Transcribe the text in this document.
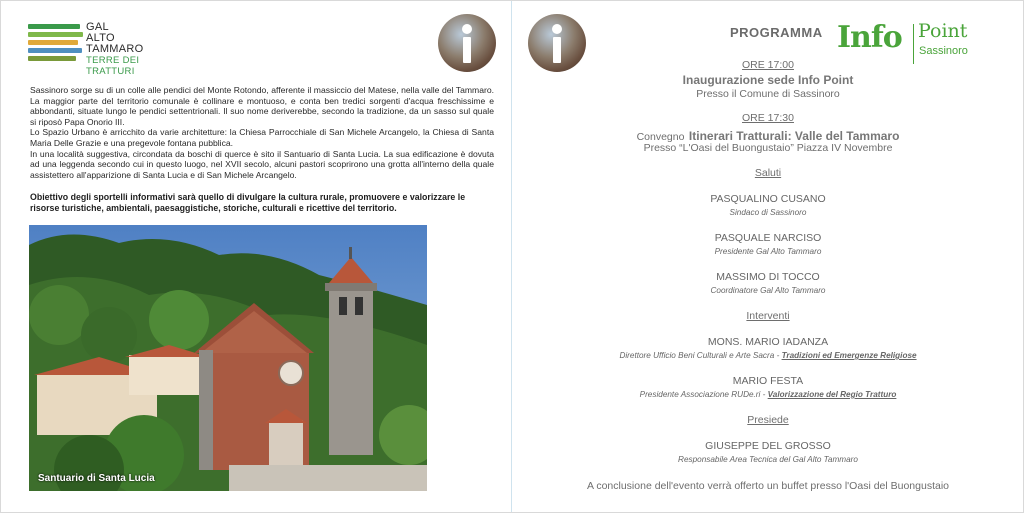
GAL
ALTO
TAMMARO
TERRE DEI TRATTURI

Sassinoro sorge su di un colle alle pendici del Monte Rotondo, afferente il massiccio del Matese, nella valle del Tammaro. La maggior parte del territorio comunale è collinare e montuoso, e conta ben tredici sorgenti d'acqua freschissime e abbondanti, situate lungo le pendici settentrionali. Il suo nome deriverebbe, secondo la tradizione, da un sasso sul quale si riposò Papa Onorio III.

Lo Spazio Urbano è arricchito da varie architetture: la Chiesa Parrocchiale di San Michele Arcangelo, la Chiesa di Santa Maria Delle Grazie e una pregevole fontana pubblica.

In una località suggestiva, circondata da boschi di querce è sito il Santuario di Santa Lucia. La sua edificazione è dovuta ad una leggenda secondo cui in questo luogo, nel XVII secolo, alcuni pastori scoprirono una grotta all'interno della quale assistettero all'apparizione di Santa Lucia e di San Michele Arcangelo.

Obiettivo degli sportelli informativi sarà quello di divulgare la cultura rurale, promuovere e valorizzare le risorse turistiche, ambientali, paesaggistiche, storiche, culturali e ricettive del territorio.
Santuario di Santa Lucia
PROGRAMMA Info Point
Sassinoro
ORE 17:00
Inaugurazione sede Info Point
Presso il Comune di Sassinoro
ORE 17:30
Convegno Itinerari Tratturali: Valle del Tammaro
Presso “L'Oasi del Buongustaio” Piazza IV Novembre
Saluti
PASQUALINO CUSANO
Sindaco di Sassinoro
PASQUALE NARCISO
Presidente Gal Alto Tammaro
MASSIMO DI TOCCO
Coordinatore Gal Alto Tammaro
Interventi
MONS. MARIO IADANZA
Direttore Ufficio Beni Culturali e Arte Sacra - Tradizioni ed Emergenze Religiose
MARIO FESTA
Presidente Associazione RUDe.ri - Valorizzazione del Regio Tratturo
Presiede
GIUSEPPE DEL GROSSO
Responsabile Area Tecnica del Gal Alto Tammaro
A conclusione dell'evento verrà offerto un buffet presso l'Oasi del Buongustaio
